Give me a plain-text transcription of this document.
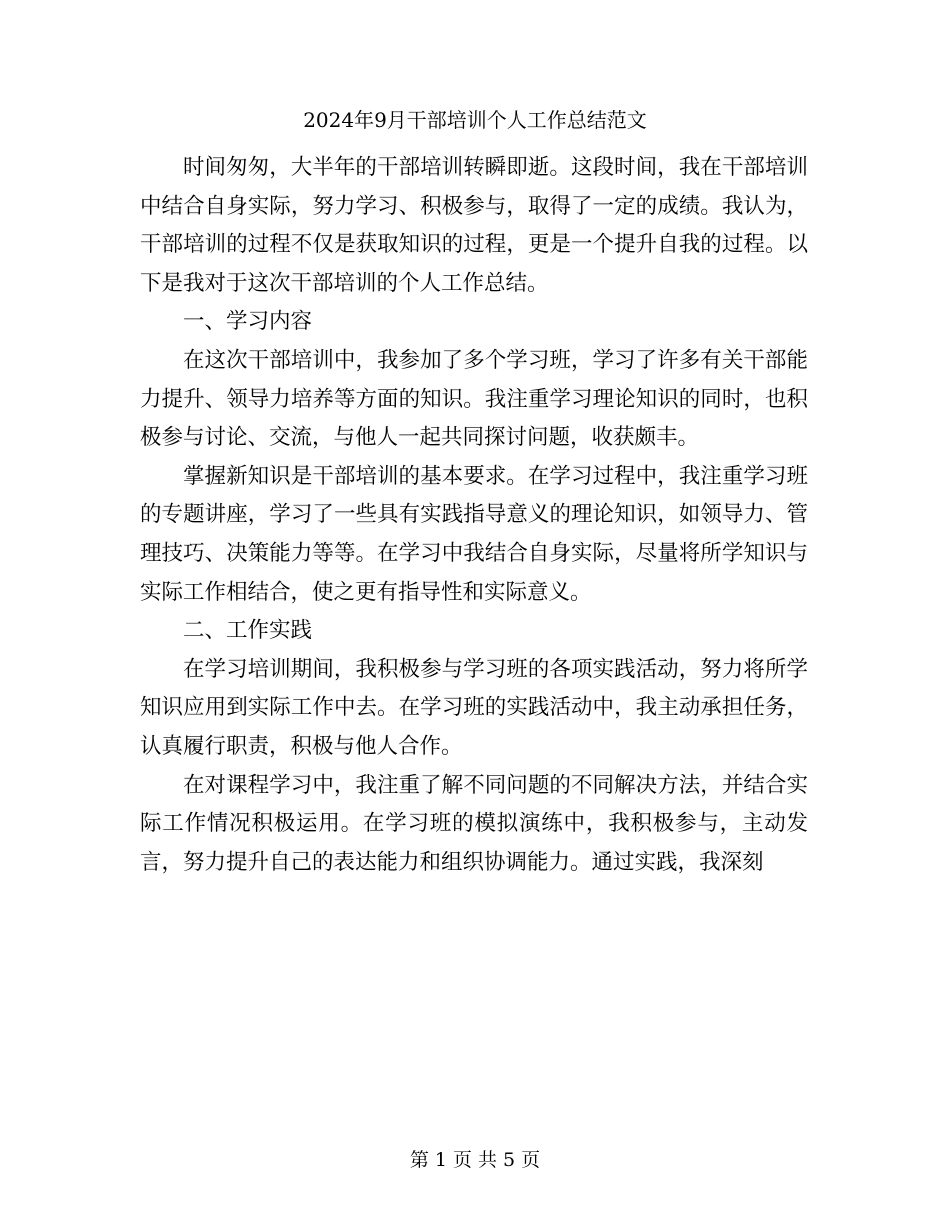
2024年9月干部培训个人工作总结范文

时间匆匆，大半年的干部培训转瞬即逝。这段时间，我在干部培训中结合自身实际，努力学习、积极参与，取得了一定的成绩。我认为，干部培训的过程不仅是获取知识的过程，更是一个提升自我的过程。以下是我对于这次干部培训的个人工作总结。

一、学习内容

在这次干部培训中，我参加了多个学习班，学习了许多有关干部能力提升、领导力培养等方面的知识。我注重学习理论知识的同时，也积极参与讨论、交流，与他人一起共同探讨问题，收获颇丰。

掌握新知识是干部培训的基本要求。在学习过程中，我注重学习班的专题讲座，学习了一些具有实践指导意义的理论知识，如领导力、管理技巧、决策能力等等。在学习中我结合自身实际，尽量将所学知识与实际工作相结合，使之更有指导性和实际意义。

二、工作实践

在学习培训期间，我积极参与学习班的各项实践活动，努力将所学知识应用到实际工作中去。在学习班的实践活动中，我主动承担任务，认真履行职责，积极与他人合作。

在对课程学习中，我注重了解不同问题的不同解决方法，并结合实际工作情况积极运用。在学习班的模拟演练中，我积极参与，主动发言，努力提升自己的表达能力和组织协调能力。通过实践，我深刻

第 1 页 共 5 页
